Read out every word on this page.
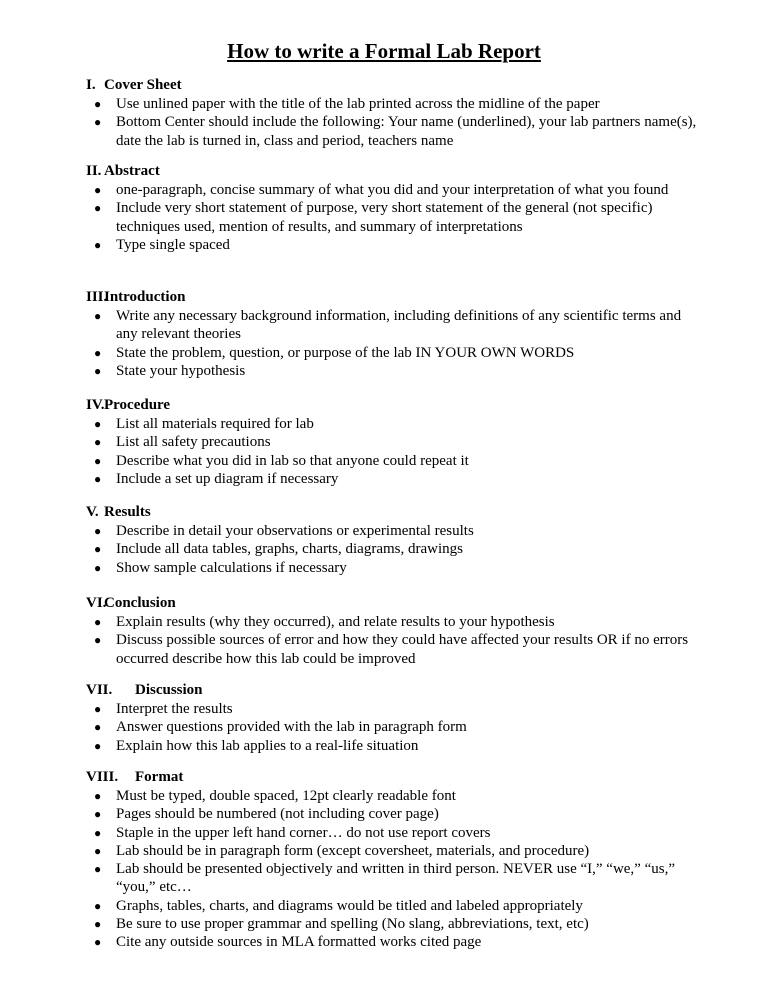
How to write a Formal Lab Report
I. Cover Sheet
● Use unlined paper with the title of the lab printed across the midline of the paper
● Bottom Center should include the following: Your name (underlined), your lab partners name(s), date the lab is turned in, class and period, teachers name
II. Abstract
● one-paragraph, concise summary of what you did and your interpretation of what you found
● Include very short statement of purpose, very short statement of the general (not specific) techniques used, mention of results, and summary of interpretations
● Type single spaced
III.
Introduction
● Write any necessary background information, including definitions of any scientific terms and any relevant theories
● State the problem, question, or purpose of the lab IN YOUR OWN WORDS
● State your hypothesis
IV. Procedure
● List all materials required for lab
● List all safety precautions
● Describe what you did in lab so that anyone could repeat it
● Include a set up diagram if necessary
V. Results
● Describe in detail your observations or experimental results
● Include all data tables, graphs, charts, diagrams, drawings
● Show sample calculations if necessary
VI.
Conclusion
● Explain results (why they occurred), and relate results to your hypothesis
● Discuss possible sources of error and how they could have affected your results OR if no errors occurred describe how this lab could be improved
VII. Discussion
● Interpret the results
● Answer questions provided with the lab in paragraph form
● Explain how this lab applies to a real-life situation
VIII. Format
● Must be typed, double spaced, 12pt clearly readable font
● Pages should be numbered (not including cover page)
● Staple in the upper left hand corner… do not use report covers
● Lab should be in paragraph form (except coversheet, materials, and procedure)
● Lab should be presented objectively and written in third person. NEVER use “I,” “we,” “us,” “you,” etc…
● Graphs, tables, charts, and diagrams would be titled and labeled appropriately
● Be sure to use proper grammar and spelling (No slang, abbreviations, text, etc)
● Cite any outside sources in MLA formatted works cited page
